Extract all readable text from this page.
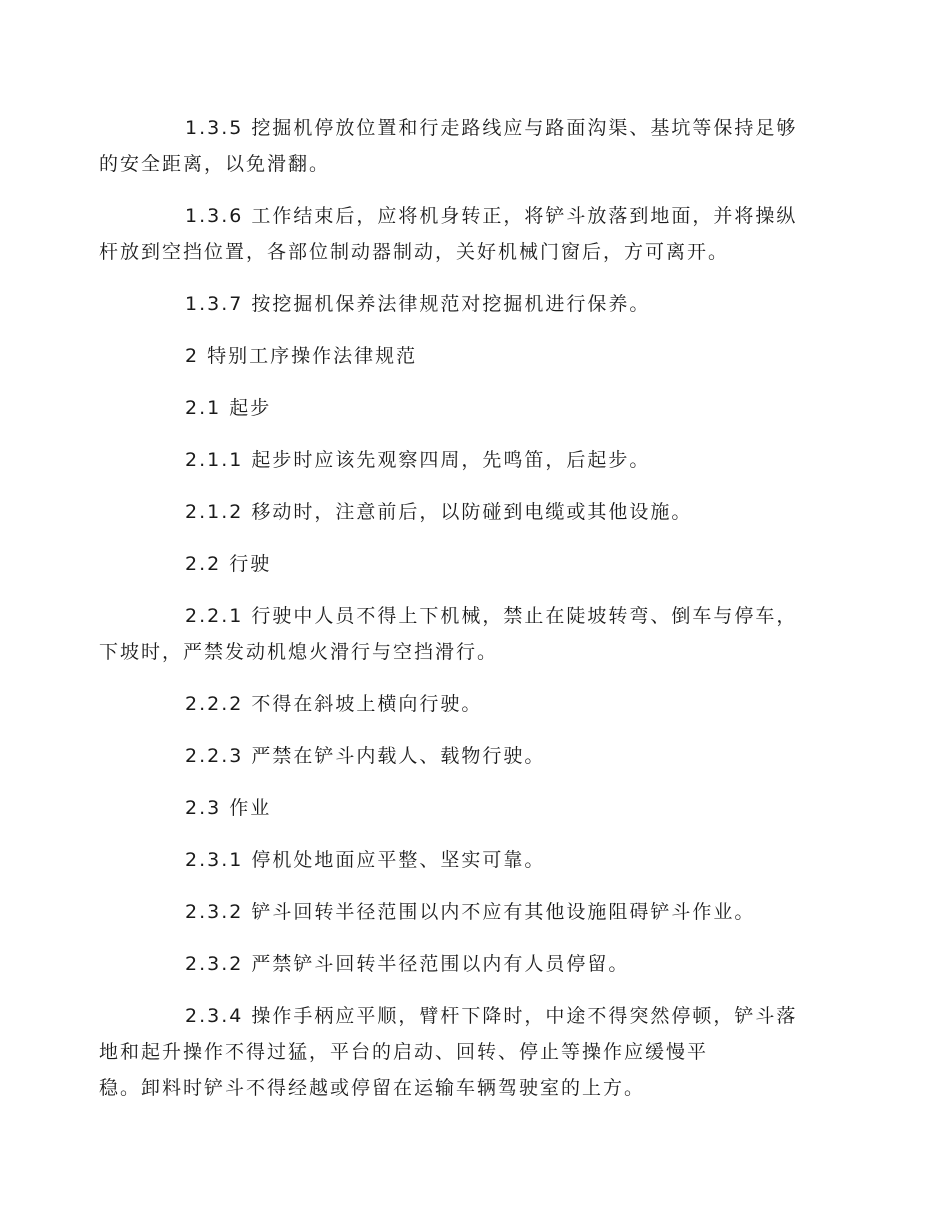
1.3.5 挖掘机停放位置和行走路线应与路面沟渠、基坑等保持足够
的安全距离，以免滑翻。

1.3.6 工作结束后，应将机身转正，将铲斗放落到地面，并将操纵
杆放到空挡位置，各部位制动器制动，关好机械门窗后，方可离开。

1.3.7 按挖掘机保养法律规范对挖掘机进行保养。

2 特别工序操作法律规范

2.1 起步

2.1.1 起步时应该先观察四周，先鸣笛，后起步。

2.1.2 移动时，注意前后，以防碰到电缆或其他设施。

2.2 行驶

2.2.1 行驶中人员不得上下机械，禁止在陡坡转弯、倒车与停车，
下坡时，严禁发动机熄火滑行与空挡滑行。

2.2.2 不得在斜坡上横向行驶。

2.2.3 严禁在铲斗内载人、载物行驶。

2.3 作业

2.3.1 停机处地面应平整、坚实可靠。

2.3.2 铲斗回转半径范围以内不应有其他设施阻碍铲斗作业。

2.3.2 严禁铲斗回转半径范围以内有人员停留。

2.3.4 操作手柄应平顺，臂杆下降时，中途不得突然停顿，铲斗落
地和起升操作不得过猛，平台的启动、回转、停止等操作应缓慢平
稳。卸料时铲斗不得经越或停留在运输车辆驾驶室的上方。
